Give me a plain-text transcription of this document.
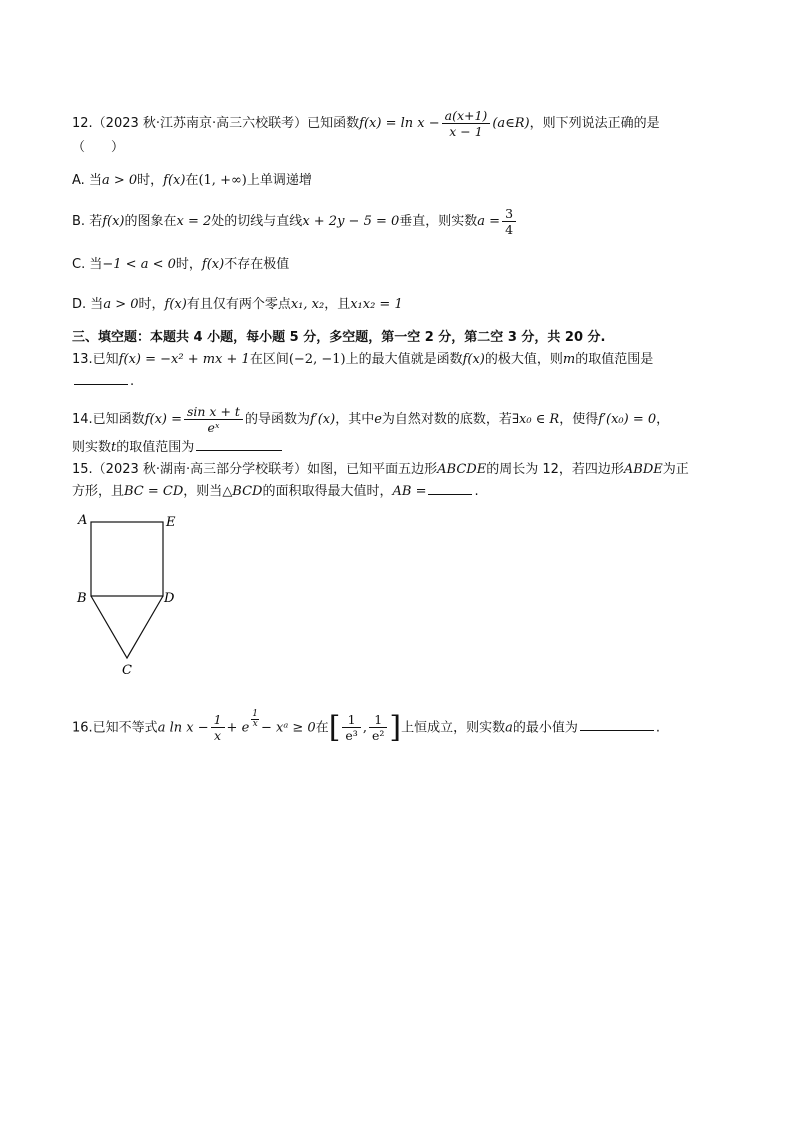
12.（2023 秋·江苏南京·高三六校联考）已知函数$f(x) = \ln x - \frac{a(x+1)}{x - 1}$ (a∈R)，则下列说法正确的是
（　　）
A. 当a > 0时，f(x)在(1, +∞)上单调递增
B. 若f(x)的图象在x = 2处的切线与直线x + 2y − 5 = 0垂直，则实数$a = \frac{3}{4}$
C. 当−1 < a < 0时，f(x)不存在极值
D. 当a > 0时，f(x)有且仅有两个零点x₁, x₂，且x₁x₂ = 1
三、填空题：本题共 4 小题，每小题 5 分，多空题，第一空 2 分，第二空 3 分，共 20 分.
13.已知f(x) = −x² + mx + 1在区间(−2, −1)上的最大值就是函数f(x)的极大值，则m的取值范围是
.
14.已知函数$f(x) = \frac{\text{sin x + t}}{\text{eˣ}}$ 的导函数为f′(x)，其中e为自然对数的底数，若∃x₀ ∈ R，使得f′(x₀) = 0，
则实数t的取值范围为
15.（2023 秋·湖南·高三部分学校联考）如图，已知平面五边形ABCDE的周长为 12，若四边形ABDE为正
方形，且BC = CD，则当△BCD的面积取得最大值时，AB =	.
A	E
B	D
C
16.已知不等式a $\ln x - \frac{1}{x} + e \frac{1}{x}$ − xᵃ ≥ 0在[ $\frac{1}{\text{e³}}$ , $\frac{1}{\text{e²}}$ ]上恒成立，则实数a的最小值为	.
